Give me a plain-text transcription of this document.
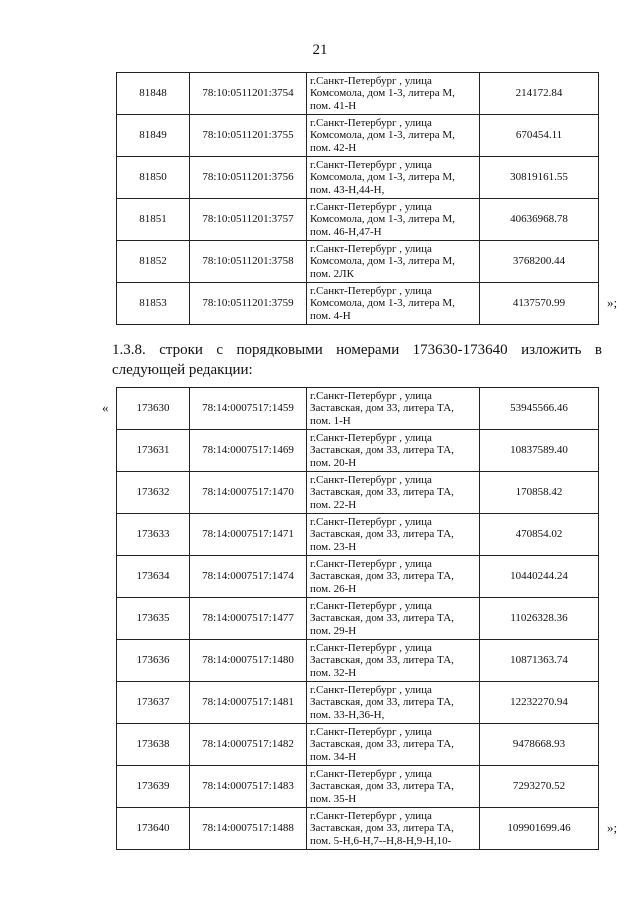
21
81848	78:10:0511201:3754	г.Санкт-Петербург , улица
Комсомола, дом 1-3, литера М,
пом. 41-Н	214172.84
81849	78:10:0511201:3755	г.Санкт-Петербург , улица
Комсомола, дом 1-3, литера М,
пом. 42-Н	670454.11
81850	78:10:0511201:3756	г.Санкт-Петербург , улица
Комсомола, дом 1-3, литера М,
пом. 43-Н,44-Н,	30819161.55
81851	78:10:0511201:3757	г.Санкт-Петербург , улица
Комсомола, дом 1-3, литера М,
пом. 46-Н,47-Н	40636968.78
81852	78:10:0511201:3758	г.Санкт-Петербург , улица
Комсомола, дом 1-3, литера М,
пом. 2ЛК	3768200.44
81853	78:10:0511201:3759	г.Санкт-Петербург , улица
Комсомола, дом 1-3, литера М,
пом. 4-Н	4137570.99	»;
1.3.8. строки с порядковыми номерами 173630-173640 изложить в следующей редакции:
«	173630	78:14:0007517:1459	г.Санкт-Петербург , улица
Заставская, дом 33, литера ТА,
пом. 1-Н	53945566.46
173631	78:14:0007517:1469	г.Санкт-Петербург , улица
Заставская, дом 33, литера ТА,
пом. 20-Н	10837589.40
173632	78:14:0007517:1470	г.Санкт-Петербург , улица
Заставская, дом 33, литера ТА,
пом. 22-Н	170858.42
173633	78:14:0007517:1471	г.Санкт-Петербург , улица
Заставская, дом 33, литера ТА,
пом. 23-Н	470854.02
173634	78:14:0007517:1474	г.Санкт-Петербург , улица
Заставская, дом 33, литера ТА,
пом. 26-Н	10440244.24
173635	78:14:0007517:1477	г.Санкт-Петербург , улица
Заставская, дом 33, литера ТА,
пом. 29-Н	11026328.36
173636	78:14:0007517:1480	г.Санкт-Петербург , улица
Заставская, дом 33, литера ТА,
пом. 32-Н	10871363.74
173637	78:14:0007517:1481	г.Санкт-Петербург , улица
Заставская, дом 33, литера ТА,
пом. 33-Н,36-Н,	12232270.94
173638	78:14:0007517:1482	г.Санкт-Петербург , улица
Заставская, дом 33, литера ТА,
пом. 34-Н	9478668.93
173639	78:14:0007517:1483	г.Санкт-Петербург , улица
Заставская, дом 33, литера ТА,
пом. 35-Н	7293270.52
173640	78:14:0007517:1488	г.Санкт-Петербург , улица
Заставская, дом 33, литера ТА,
пом. 5-Н,6-Н,7--Н,8-Н,9-Н,10-	109901699.46	»;
